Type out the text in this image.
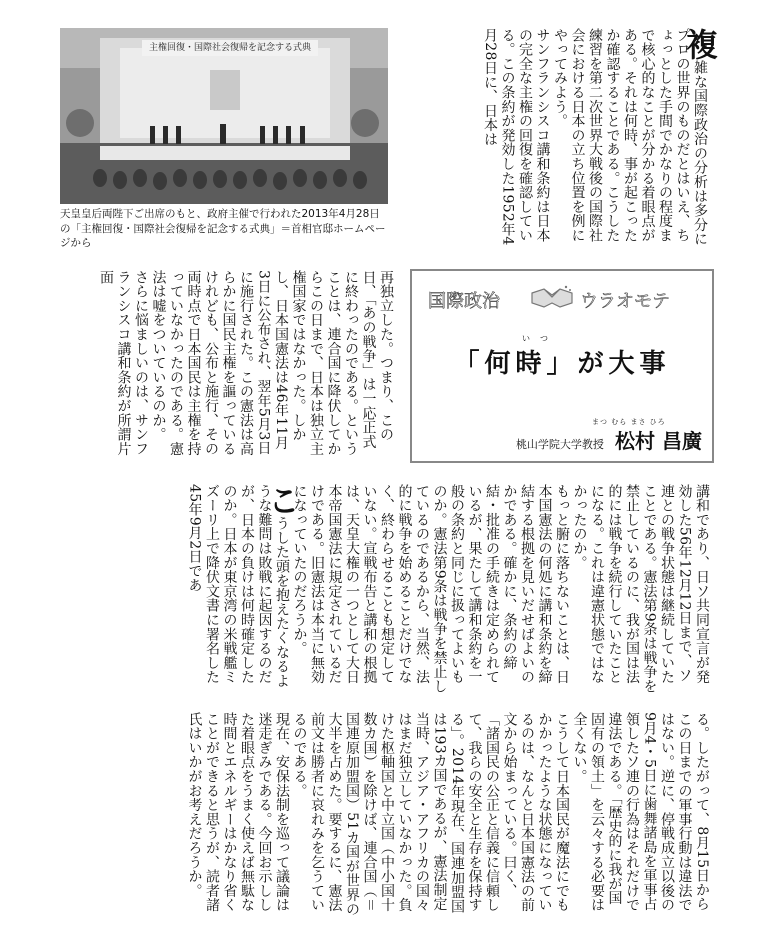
主権回復・国際社会復帰を記念する式典
天皇皇后両陛下ご出席のもと、政府主催で行われた2013年4月28日の「主権回復・国際社会復帰を記念する式典」＝首相官邸ホームページから
複雑な国際政治の分析は多分にプロの世界のものだとはいえ、ちょっとした手間でかなりの程度まで核心的なことが分かる着眼点がある。それは何時、事が起こったか確認することである。こうした練習を第二次世界大戦後の国際社会における日本の立ち位置を例にやってみよう。
サンフランシスコ講和条約は日本の完全な主権の回復を確認している。この条約が発効した1952年4月28日に、日本は
再独立した。つまり、この日、「あの戦争」は一応正式に終わったのである。ということは、連合国に降伏してからこの日まで、日本は独立主権国家ではなかった。しかし、日本国憲法は46年11月3日に公布され、翌年5月3日に施行された。この憲法は高らかに国民主権を謳っているけれども、公布と施行、その両時点で日本国民は主権を持っていなかったのである。憲法は嘘をついているのか。
さらに悩ましいのは、サンフランシスコ講和条約が所謂片面
国際政治	ウラオモテ
いつ
「何時」が大事
まつ むら まさ ひろ
桃山学院大学教授 松村 昌廣
講和であり、日ソ共同宣言が発効した56年12月12日まで、ソ連との戦争状態は継続していたことである。憲法第9条は戦争を禁止しているのに、我が国は法的には戦争を続行していたことになる。これは違憲状態ではなかったのか。
もっと腑に落ちないことは、日本国憲法の何処に講和条約を締結する根拠を見いだせばよいのかである。確かに、条約の締結・批准の手続きは定められているが、果たして講和条約を一般の条約と同じに扱ってよいものか。憲法第9条は戦争を禁止しているのであるから、当然、法的に戦争を始めることだけでなく、終わらせることも想定していない。宣戦布告と講和の根拠は、天皇大権の一つとして大日本帝国憲法に規定されているだけである。旧憲法は本当に無効になっていたのだろうか。
こうした頭を抱えたくなるような難問は敗戦に起因するのだが、日本の負けは何時確定したのか。日本が東京湾の米戦艦ミズーリ上で降伏文書に署名した45年9月2日であ
る。したがって、8月15日からこの日までの軍事行動は違法ではない。逆に、停戦成立以後の9月4・5日に歯舞諸島を軍事占領したソ連の行為はそれだけで違法である。「歴史的に我が国固有の領土」を云々する必要は全くない。
こうして日本国民が魔法にでもかかったような状態になっているのは、なんと日本国憲法の前文から始まっている。曰く、「諸国民の公正と信義に信頼して、我らの安全と生存を保持する」。2014年現在、国連加盟国は193カ国であるが、憲法制定当時、アジア・アフリカの国々はまだ独立していなかった。負けた枢軸国と中立国（中小国十数カ国）を除けば、連合国（＝国連原加盟国）51カ国が世界の大半を占めた。要するに、憲法前文は勝者に哀れみを乞うているのである。
現在、安保法制を巡って議論は迷走ぎみである。今回お示しした着眼点をうまく使えば無駄な時間とエネルギーはかなり省くことができると思うが、読者諸氏はいかがお考えだろうか。
